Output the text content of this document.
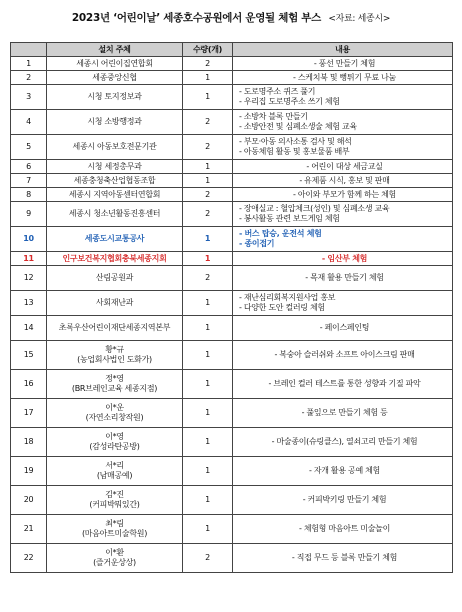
2023년 ‘어린이날’ 세종호수공원에서 운영될 체험 부스 <자료: 세종시>
	설치 주체	수량(개)	내용
1	세종시 어린이집연합회	2	- 풍선 만들기 체험

2	세종중앙신협	1	- 스케치북 및 뻥튀기 무료 나눔

3	시청 토지정보과	1	- 도로명주소 퀴즈 풀기
- 우리집 도로명주소 쓰기 체험

4	시청 소방행정과	2	- 소방차 블록 만들기
- 소방안전 및 심폐소생술 체험 교육

5	세종시 아동보호전문기관	2	- 부모·아동 의사소통 검사 및 해석
- 아동체험 활동 및 홍보물품 배부

6	시청 세정총무과	1	- 어린이 대상 세금교실

7	세종충청축산업협동조합	1	- 유제품 시식, 홍보 및 판매

8	세종시 지역아동센터연합회	2	- 아이와 부모가 함께 하는 체험

9	세종시 청소년활동진흥센터	2	- 장애실교 : 혈압체크(성인) 및 심폐소생 교육
- 봉사활동 관련 보드게임 체험

10	세종도시교통공사	1	- 버스 탑승, 운전석 체험
- 종이접기

11	인구보건복지협회충북세종지회	1	- 임산부 체험

12	산림공원과	2	- 목재 활용 만들기 체험

13	사회재난과	1	- 재난심리회복지원사업 홍보
- 다양한 도안 컬러링 체험

14	초록우산어린이재단세종지역본부	1	- 페이스페인팅

15	황*규
(농업회사법인 도화가)	1	- 복숭아 슬러쉬와 소프트 아이스크림 판매

16	정*영
(BR브레인교육 세종지점)	1	- 브레인 컬러 테스트를 통한 성향과 기질 파악

17	이*운
(자연소리창작원)	1	- 풀잎으로 만들기 체험 등

18	이*영
(감성라탄공방)	1	- 마술종이(슈링클스), 열쇠고리 만들기 체험

19	서*리
(남매공예)	1	- 자개 활용 공예 체험

20	김*진
(커피박뭐있간)	1	- 커피박키링 만들기 체험

21	최*림
(마음아트미술학원)	1	- 체험형 마음아트 미술놀이

22	이*환
(즐거운상상)	2	- 직접 무드 등 블록 만들기 체험
